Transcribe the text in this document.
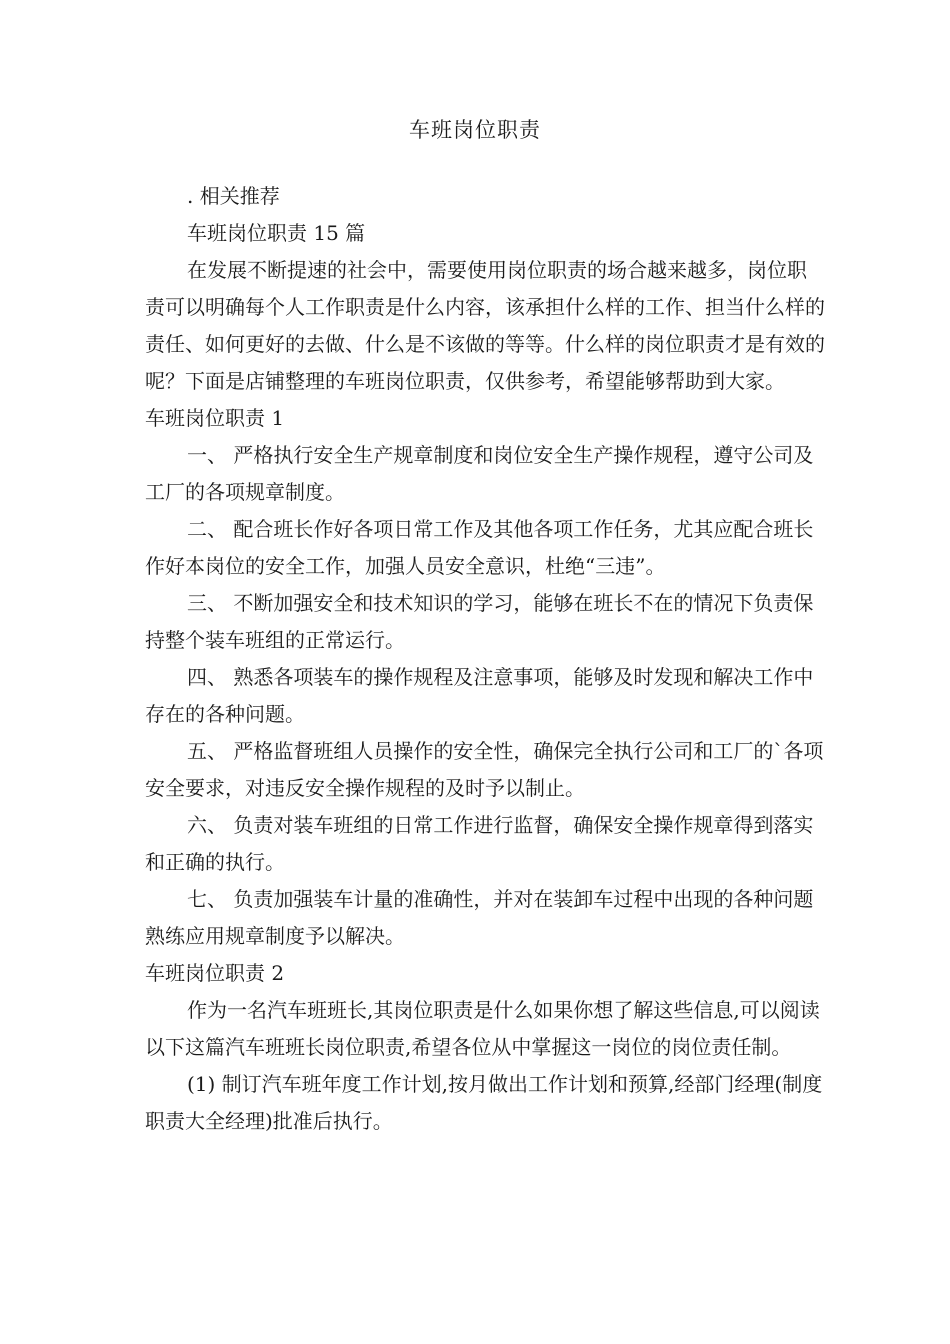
车班岗位职责

. 相关推荐

车班岗位职责 15 篇

在发展不断提速的社会中，需要使用岗位职责的场合越来越多，岗位职责可以明确每个人工作职责是什么内容，该承担什么样的工作、担当什么样的责任、如何更好的去做、什么是不该做的等等。什么样的岗位职责才是有效的呢？下面是店铺整理的车班岗位职责，仅供参考，希望能够帮助到大家。

车班岗位职责 1

一、 严格执行安全生产规章制度和岗位安全生产操作规程，遵守公司及工厂的各项规章制度。

二、 配合班长作好各项日常工作及其他各项工作任务，尤其应配合班长作好本岗位的安全工作，加强人员安全意识，杜绝“三违”。

三、 不断加强安全和技术知识的学习，能够在班长不在的情况下负责保持整个装车班组的正常运行。

四、 熟悉各项装车的操作规程及注意事项，能够及时发现和解决工作中存在的各种问题。

五、 严格监督班组人员操作的安全性，确保完全执行公司和工厂的`各项安全要求，对违反安全操作规程的及时予以制止。

六、 负责对装车班组的日常工作进行监督，确保安全操作规章得到落实和正确的执行。

七、 负责加强装车计量的准确性，并对在装卸车过程中出现的各种问题熟练应用规章制度予以解决。

车班岗位职责 2

作为一名汽车班班长,其岗位职责是什么如果你想了解这些信息,可以阅读以下这篇汽车班班长岗位职责,希望各位从中掌握这一岗位的岗位责任制。

(1) 制订汽车班年度工作计划,按月做出工作计划和预算,经部门经理(制度职责大全经理)批准后执行。
